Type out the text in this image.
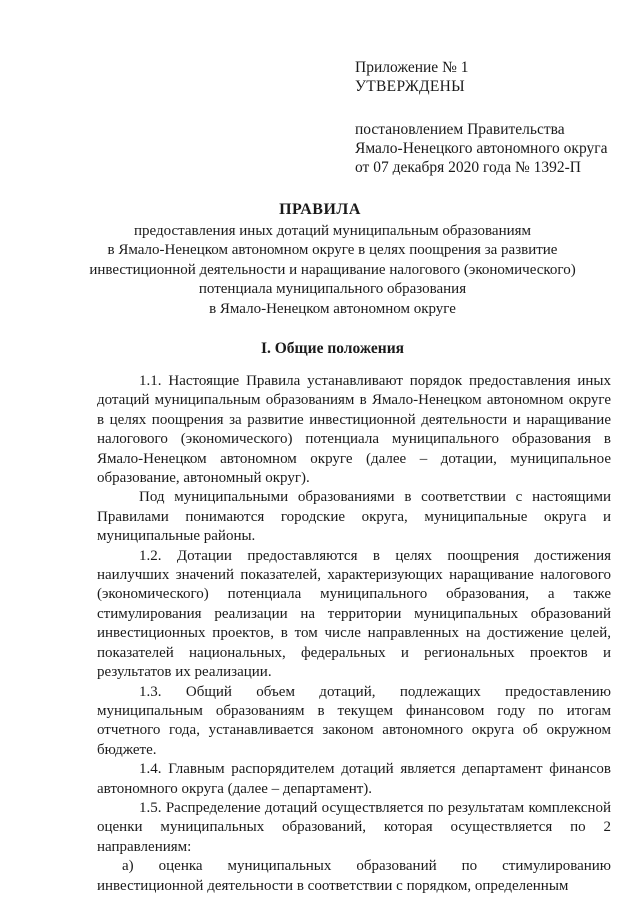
Приложение № 1
УТВЕРЖДЕНЫ
постановлением Правительства
Ямало-Ненецкого автономного округа
от 07 декабря 2020 года № 1392-П
ПРАВИЛА
предоставления иных дотаций муниципальным образованиям
в Ямало-Ненецком автономном округе в целях поощрения за развитие
инвестиционной деятельности и наращивание налогового (экономического)
потенциала муниципального образования
в Ямало-Ненецком автономном округе
I. Общие положения

1.1. Настоящие Правила устанавливают порядок предоставления иных дотаций муниципальным образованиям в Ямало-Ненецком автономном округе в целях поощрения за развитие инвестиционной деятельности и наращивание налогового (экономического) потенциала муниципального образования в Ямало-Ненецком автономном округе (далее – дотации, муниципальное образование, автономный округ).

Под муниципальными образованиями в соответствии с настоящими Правилами понимаются городские округа, муниципальные округа и муниципальные районы.

1.2. Дотации предоставляются в целях поощрения достижения наилучших значений показателей, характеризующих наращивание налогового (экономического) потенциала муниципального образования, а также стимулирования реализации на территории муниципальных образований инвестиционных проектов, в том числе направленных на достижение целей, показателей национальных, федеральных и региональных проектов и результатов их реализации.

1.3. Общий объем дотаций, подлежащих предоставлению муниципальным образованиям в текущем финансовом году по итогам отчетного года, устанавливается законом автономного округа об окружном бюджете.

1.4. Главным распорядителем дотаций является департамент финансов автономного округа (далее – департамент).

1.5. Распределение дотаций осуществляется по результатам комплексной оценки муниципальных образований, которая осуществляется по 2 направлениям:

а) оценка муниципальных образований по стимулированию инвестиционной деятельности в соответствии с порядком, определенным
